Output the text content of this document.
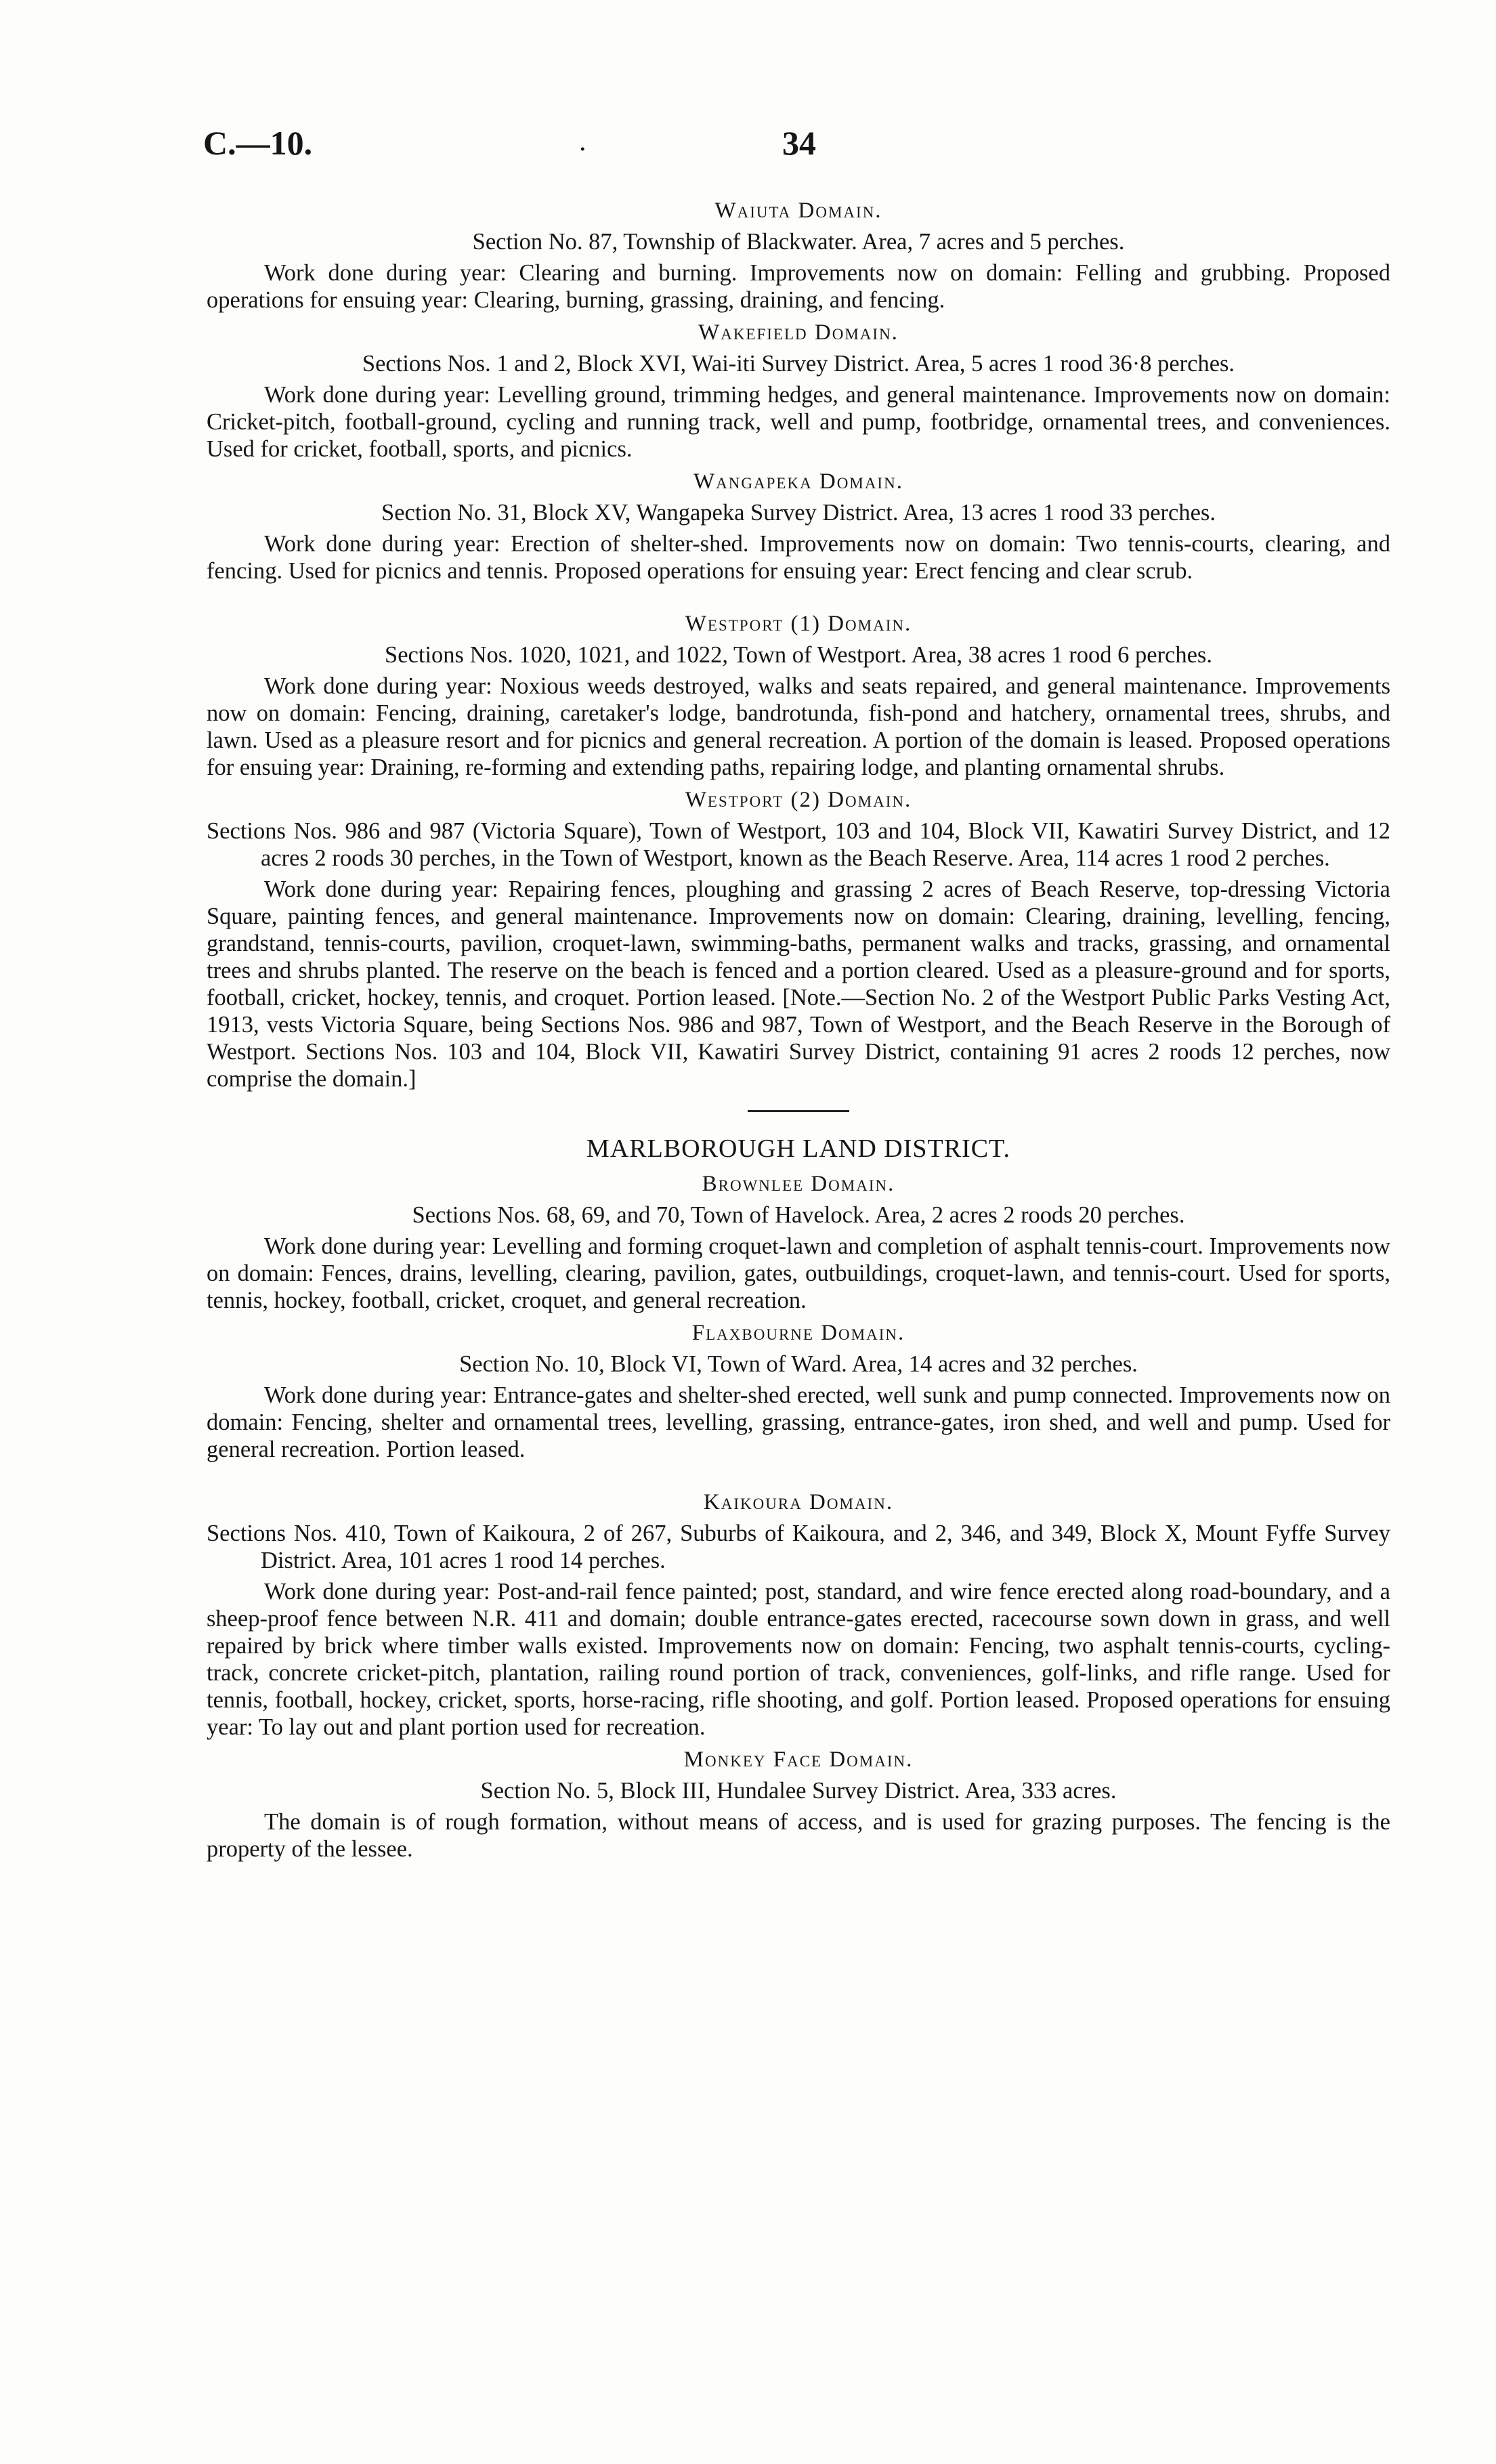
C.—10.	.	34
Waiuta Domain.
Section No. 87, Township of Blackwater. Area, 7 acres and 5 perches.
Work done during year: Clearing and burning. Improvements now on domain: Felling and grubbing. Proposed operations for ensuing year: Clearing, burning, grassing, draining, and fencing.
Wakefield Domain.
Sections Nos. 1 and 2, Block XVI, Wai-iti Survey District. Area, 5 acres 1 rood 36·8 perches.
Work done during year: Levelling ground, trimming hedges, and general maintenance. Improvements now on domain: Cricket-pitch, football-ground, cycling and running track, well and pump, footbridge, ornamental trees, and conveniences. Used for cricket, football, sports, and picnics.
Wangapeka Domain.
Section No. 31, Block XV, Wangapeka Survey District. Area, 13 acres 1 rood 33 perches.
Work done during year: Erection of shelter-shed. Improvements now on domain: Two tennis-courts, clearing, and fencing. Used for picnics and tennis. Proposed operations for ensuing year: Erect fencing and clear scrub.
Westport (1) Domain.
Sections Nos. 1020, 1021, and 1022, Town of Westport. Area, 38 acres 1 rood 6 perches.
Work done during year: Noxious weeds destroyed, walks and seats repaired, and general maintenance. Improvements now on domain: Fencing, draining, caretaker's lodge, bandrotunda, fish-pond and hatchery, ornamental trees, shrubs, and lawn. Used as a pleasure resort and for picnics and general recreation. A portion of the domain is leased. Proposed operations for ensuing year: Draining, re-forming and extending paths, repairing lodge, and planting ornamental shrubs.
Westport (2) Domain.
Sections Nos. 986 and 987 (Victoria Square), Town of Westport, 103 and 104, Block VII, Kawatiri Survey District, and 12 acres 2 roods 30 perches, in the Town of Westport, known as the Beach Reserve. Area, 114 acres 1 rood 2 perches.
Work done during year: Repairing fences, ploughing and grassing 2 acres of Beach Reserve, top-dressing Victoria Square, painting fences, and general maintenance. Improvements now on domain: Clearing, draining, levelling, fencing, grandstand, tennis-courts, pavilion, croquet-lawn, swimming-baths, permanent walks and tracks, grassing, and ornamental trees and shrubs planted. The reserve on the beach is fenced and a portion cleared. Used as a pleasure-ground and for sports, football, cricket, hockey, tennis, and croquet. Portion leased. [Note.—Section No. 2 of the Westport Public Parks Vesting Act, 1913, vests Victoria Square, being Sections Nos. 986 and 987, Town of Westport, and the Beach Reserve in the Borough of Westport. Sections Nos. 103 and 104, Block VII, Kawatiri Survey District, containing 91 acres 2 roods 12 perches, now comprise the domain.]
MARLBOROUGH LAND DISTRICT.
Brownlee Domain.
Sections Nos. 68, 69, and 70, Town of Havelock. Area, 2 acres 2 roods 20 perches.
Work done during year: Levelling and forming croquet-lawn and completion of asphalt tennis-court. Improvements now on domain: Fences, drains, levelling, clearing, pavilion, gates, outbuildings, croquet-lawn, and tennis-court. Used for sports, tennis, hockey, football, cricket, croquet, and general recreation.
Flaxbourne Domain.
Section No. 10, Block VI, Town of Ward. Area, 14 acres and 32 perches.
Work done during year: Entrance-gates and shelter-shed erected, well sunk and pump connected. Improvements now on domain: Fencing, shelter and ornamental trees, levelling, grassing, entrance-gates, iron shed, and well and pump. Used for general recreation. Portion leased.
Kaikoura Domain.
Sections Nos. 410, Town of Kaikoura, 2 of 267, Suburbs of Kaikoura, and 2, 346, and 349, Block X, Mount Fyffe Survey District. Area, 101 acres 1 rood 14 perches.
Work done during year: Post-and-rail fence painted; post, standard, and wire fence erected along road-boundary, and a sheep-proof fence between N.R. 411 and domain; double entrance-gates erected, racecourse sown down in grass, and well repaired by brick where timber walls existed. Improvements now on domain: Fencing, two asphalt tennis-courts, cycling-track, concrete cricket-pitch, plantation, railing round portion of track, conveniences, golf-links, and rifle range. Used for tennis, football, hockey, cricket, sports, horse-racing, rifle shooting, and golf. Portion leased. Proposed operations for ensuing year: To lay out and plant portion used for recreation.
Monkey Face Domain.
Section No. 5, Block III, Hundalee Survey District. Area, 333 acres.
The domain is of rough formation, without means of access, and is used for grazing purposes. The fencing is the property of the lessee.
